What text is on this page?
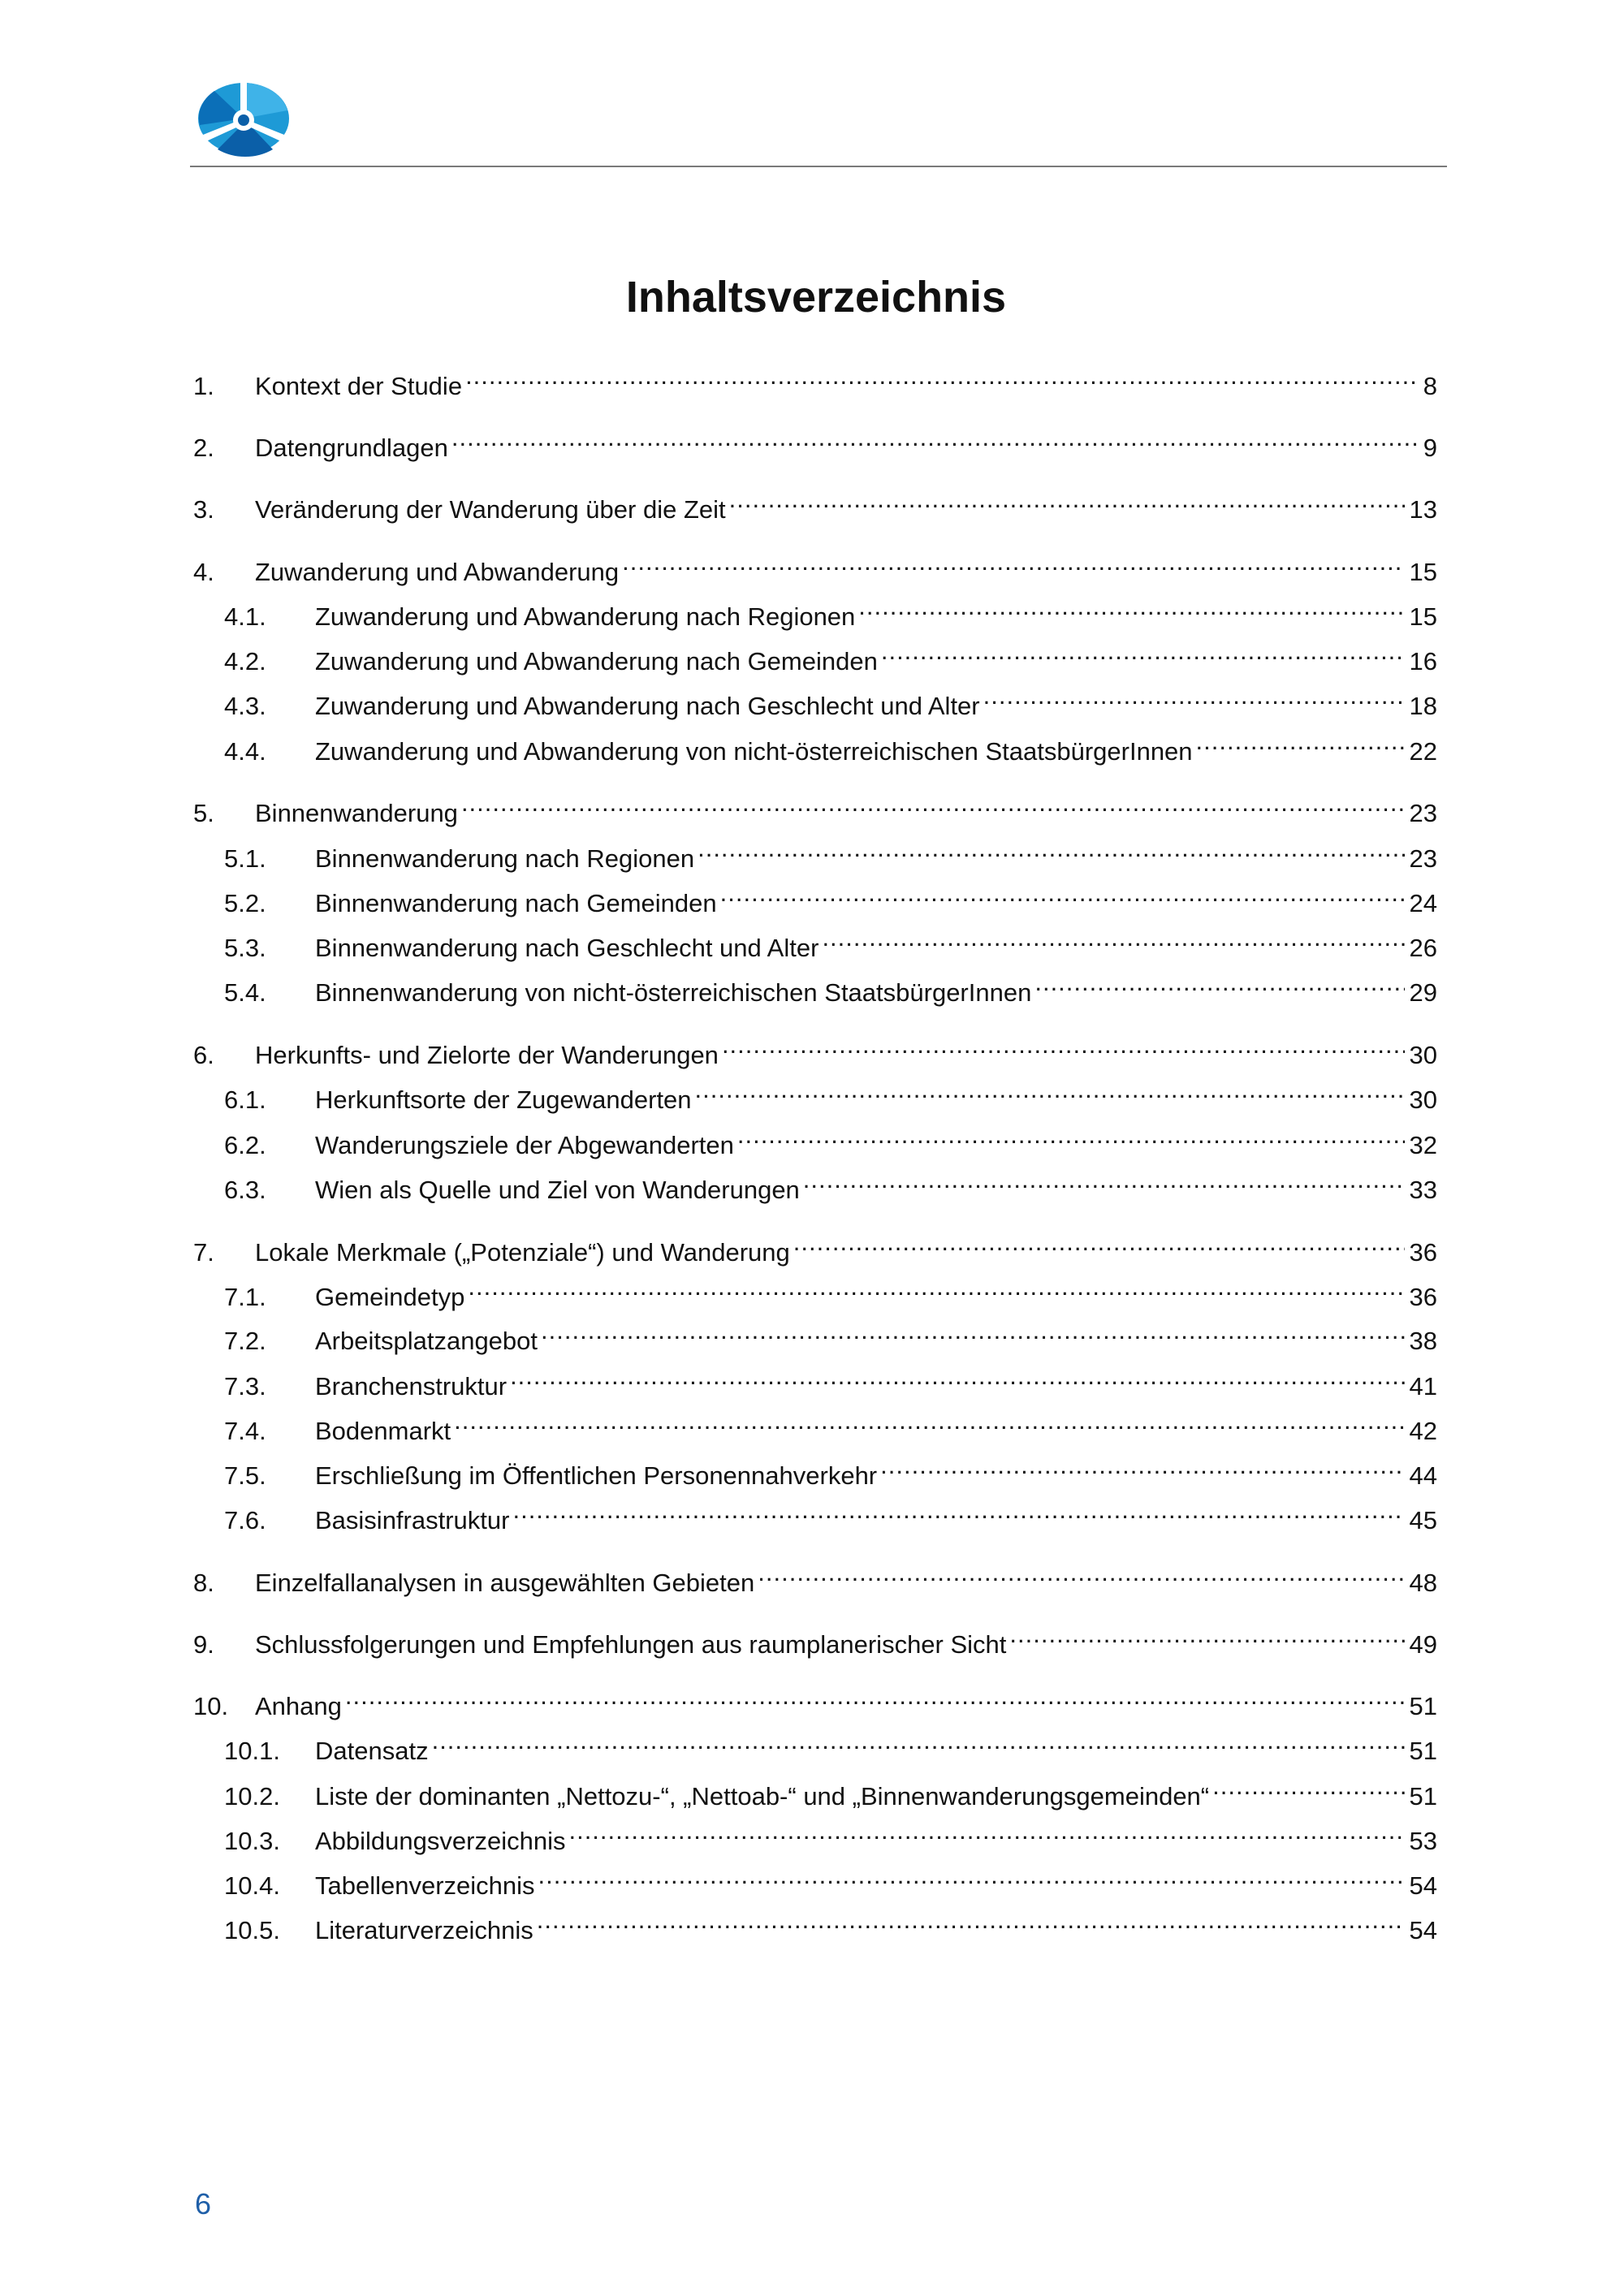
Inhaltsverzeichnis
1.	Kontext der Studie .....	8
2.	Datengrundlagen .....	9
3.	Veränderung der Wanderung über die Zeit .....	13
4.	Zuwanderung und Abwanderung .....	15
4.1.	Zuwanderung und Abwanderung nach Regionen .....	15
4.2.	Zuwanderung und Abwanderung nach Gemeinden .....	16
4.3.	Zuwanderung und Abwanderung nach Geschlecht und Alter .....	18
4.4.	Zuwanderung und Abwanderung von nicht-österreichischen StaatsbürgerInnen .....	22
5.	Binnenwanderung .....	23
5.1.	Binnenwanderung nach Regionen .....	23
5.2.	Binnenwanderung nach Gemeinden .....	24
5.3.	Binnenwanderung nach Geschlecht und Alter .....	26
5.4.	Binnenwanderung von nicht-österreichischen StaatsbürgerInnen .....	29
6.	Herkunfts- und Zielorte der Wanderungen .....	30
6.1.	Herkunftsorte der Zugewanderten .....	30
6.2.	Wanderungsziele der Abgewanderten .....	32
6.3.	Wien als Quelle und Ziel von Wanderungen .....	33
7.	Lokale Merkmale („Potenziale“) und Wanderung .....	36
7.1.	Gemeindetyp .....	36
7.2.	Arbeitsplatzangebot .....	38
7.3.	Branchenstruktur .....	41
7.4.	Bodenmarkt .....	42
7.5.	Erschließung im Öffentlichen Personennahverkehr .....	44
7.6.	Basisinfrastruktur .....	45
8.	Einzelfallanalysen in ausgewählten Gebieten .....	48
9.	Schlussfolgerungen und Empfehlungen aus raumplanerischer Sicht .....	49
10.	Anhang .....	51
10.1.	Datensatz .....	51
10.2.	Liste der dominanten „Nettozu-“, „Nettoab-“ und „Binnenwanderungsgemeinden“ .....	51
10.3.	Abbildungsverzeichnis .....	53
10.4.	Tabellenverzeichnis .....	54
10.5.	Literaturverzeichnis .....	54
6
